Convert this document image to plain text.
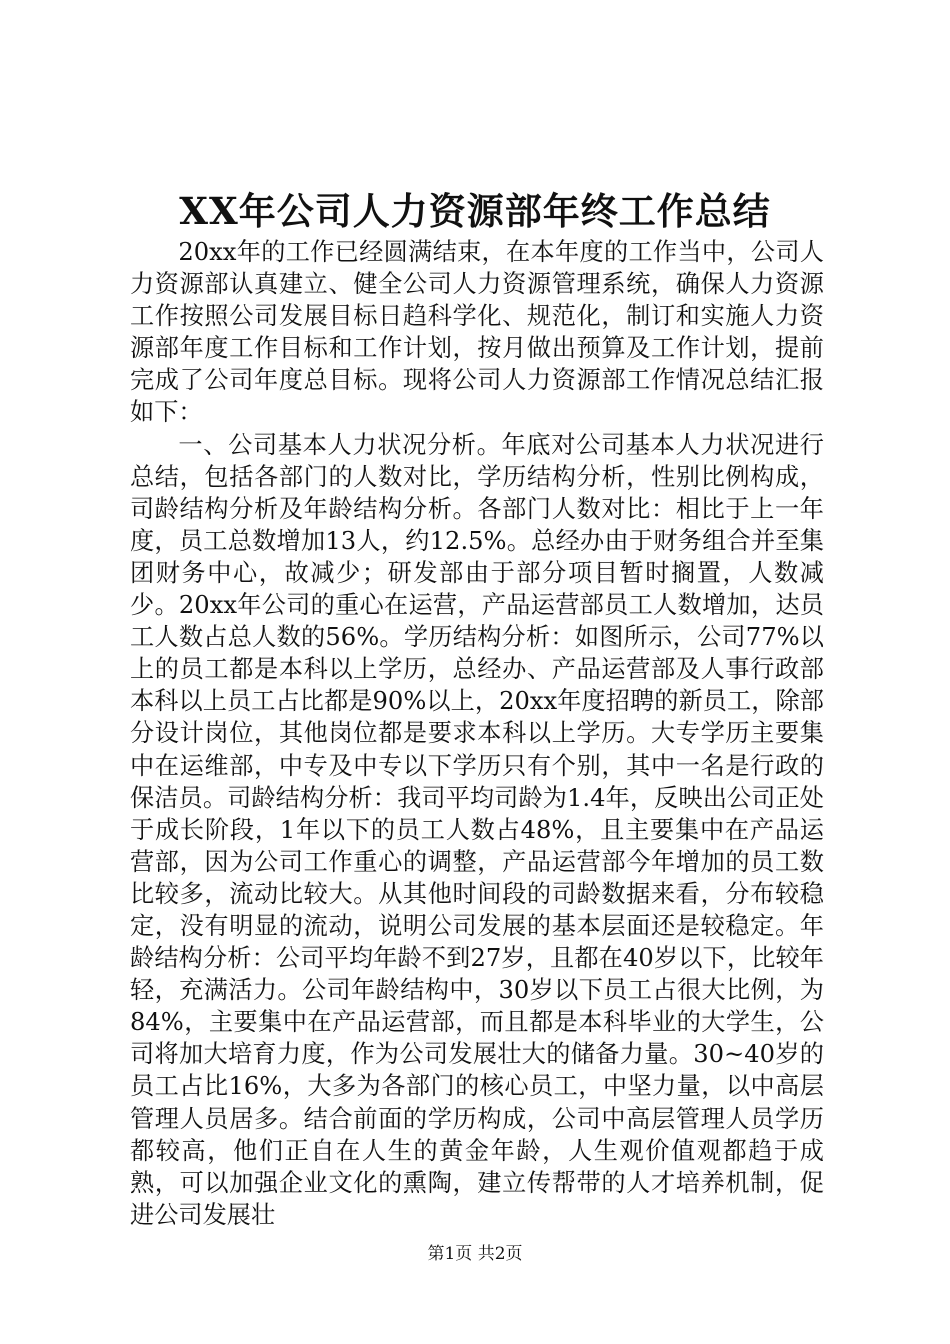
XX年公司人力资源部年终工作总结

20xx年的工作已经圆满结束，在本年度的工作当中，公司人力资源部认真建立、健全公司人力资源管理系统，确保人力资源工作按照公司发展目标日趋科学化、规范化，制订和实施人力资源部年度工作目标和工作计划，按月做出预算及工作计划，提前完成了公司年度总目标。现将公司人力资源部工作情况总结汇报如下：

一、公司基本人力状况分析。年底对公司基本人力状况进行总结，包括各部门的人数对比，学历结构分析，性别比例构成，司龄结构分析及年龄结构分析。各部门人数对比：相比于上一年度，员工总数增加13人，约12.5%。总经办由于财务组合并至集团财务中心，故减少；研发部由于部分项目暂时搁置，人数减少。20xx年公司的重心在运营，产品运营部员工人数增加，达员工人数占总人数的56%。学历结构分析：如图所示，公司77%以上的员工都是本科以上学历，总经办、产品运营部及人事行政部本科以上员工占比都是90%以上，20xx年度招聘的新员工，除部分设计岗位，其他岗位都是要求本科以上学历。大专学历主要集中在运维部，中专及中专以下学历只有个别，其中一名是行政的保洁员。司龄结构分析：我司平均司龄为1.4年，反映出公司正处于成长阶段，1年以下的员工人数占48%，且主要集中在产品运营部，因为公司工作重心的调整，产品运营部今年增加的员工数比较多，流动比较大。从其他时间段的司龄数据来看，分布较稳定，没有明显的流动，说明公司发展的基本层面还是较稳定。年龄结构分析：公司平均年龄不到27岁，且都在40岁以下，比较年轻，充满活力。公司年龄结构中，30岁以下员工占很大比例，为84%，主要集中在产品运营部，而且都是本科毕业的大学生，公司将加大培育力度，作为公司发展壮大的储备力量。30~40岁的员工占比16%，大多为各部门的核心员工，中坚力量，以中高层管理人员居多。结合前面的学历构成，公司中高层管理人员学历都较高，他们正自在人生的黄金年龄，人生观价值观都趋于成熟，可以加强企业文化的熏陶，建立传帮带的人才培养机制，促进公司发展壮

第1页 共2页
